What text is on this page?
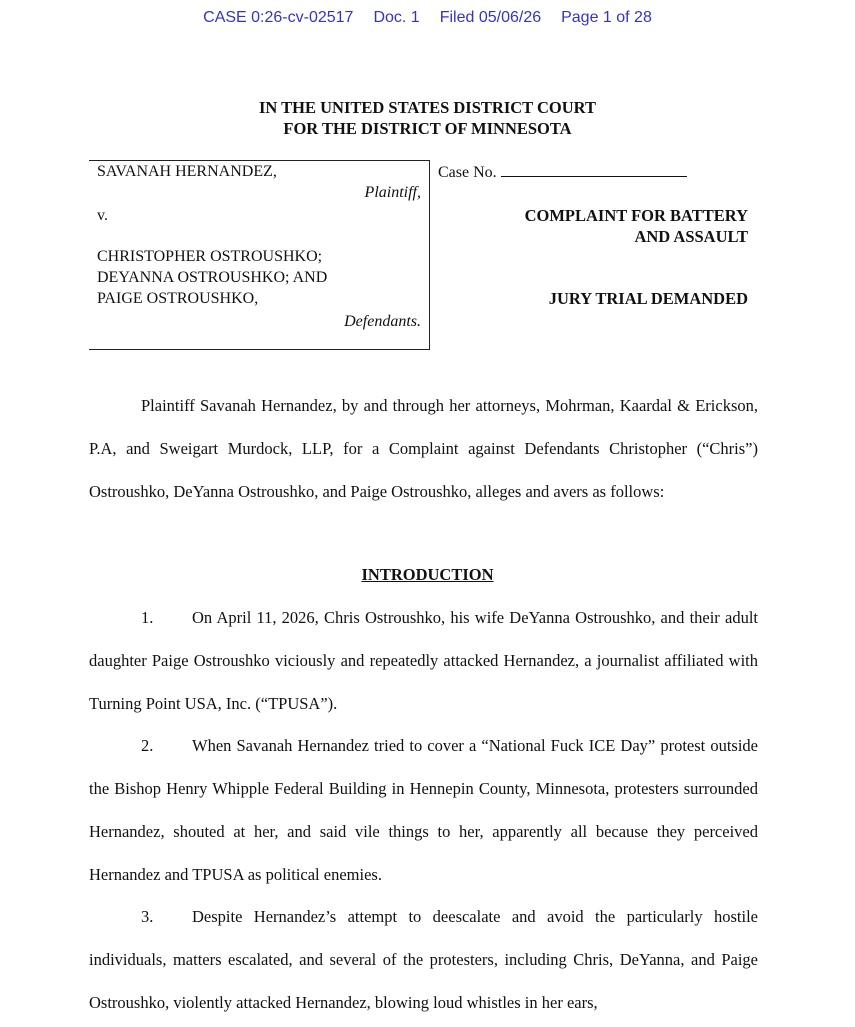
CASE 0:26-cv-02517 Doc. 1 Filed 05/06/26 Page 1 of 28
IN THE UNITED STATES DISTRICT COURT
FOR THE DISTRICT OF MINNESOTA
SAVANAH HERNANDEZ,
Plaintiff,
v.
CHRISTOPHER OSTROUSHKO;
DEYANNA OSTROUSHKO; AND
PAIGE OSTROUSHKO,
Defendants.
Case No.
COMPLAINT FOR BATTERY
AND ASSAULT
JURY TRIAL DEMANDED

Plaintiff Savanah Hernandez, by and through her attorneys, Mohrman, Kaardal & Erickson, P.A, and Sweigart Murdock, LLP, for a Complaint against Defendants Christopher (“Chris”) Ostroushko, DeYanna Ostroushko, and Paige Ostroushko, alleges and avers as follows:

INTRODUCTION

1. On April 11, 2026, Chris Ostroushko, his wife DeYanna Ostroushko, and their adult daughter Paige Ostroushko viciously and repeatedly attacked Hernandez, a journalist affiliated with Turning Point USA, Inc. (“TPUSA”).

2. When Savanah Hernandez tried to cover a “National Fuck ICE Day” protest outside the Bishop Henry Whipple Federal Building in Hennepin County, Minnesota, protesters surrounded Hernandez, shouted at her, and said vile things to her, apparently all because they perceived Hernandez and TPUSA as political enemies.

3. Despite Hernandez’s attempt to deescalate and avoid the particularly hostile individuals, matters escalated, and several of the protesters, including Chris, DeYanna, and Paige Ostroushko, violently attacked Hernandez, blowing loud whistles in her ears,
